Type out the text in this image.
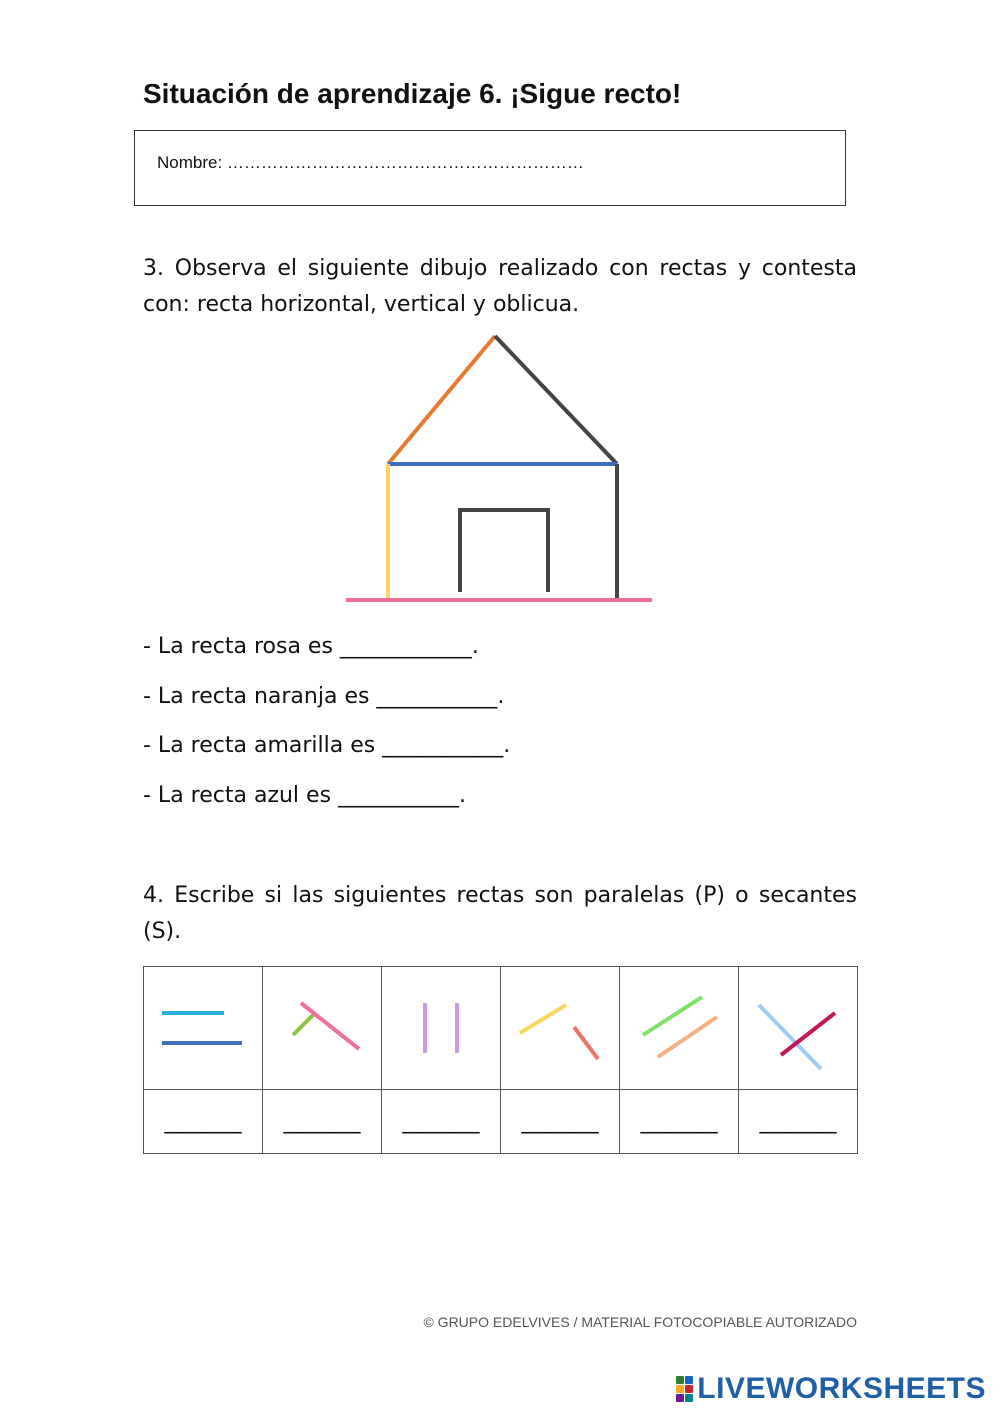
Situación de aprendizaje 6. ¡Sigue recto!
Nombre: ………………………………………………………
3. Observa el siguiente dibujo realizado con rectas y contesta con: recta horizontal, vertical y oblicua.
- La recta rosa es ____________.
- La recta naranja es ___________.
- La recta amarilla es ___________.
- La recta azul es ___________.
4. Escribe si las siguientes rectas son paralelas (P) o secantes (S).

_______	_______	_______	_______	_______	_______
© GRUPO EDELVIVES / MATERIAL FOTOCOPIABLE AUTORIZADO
LIVEWORKSHEETS
